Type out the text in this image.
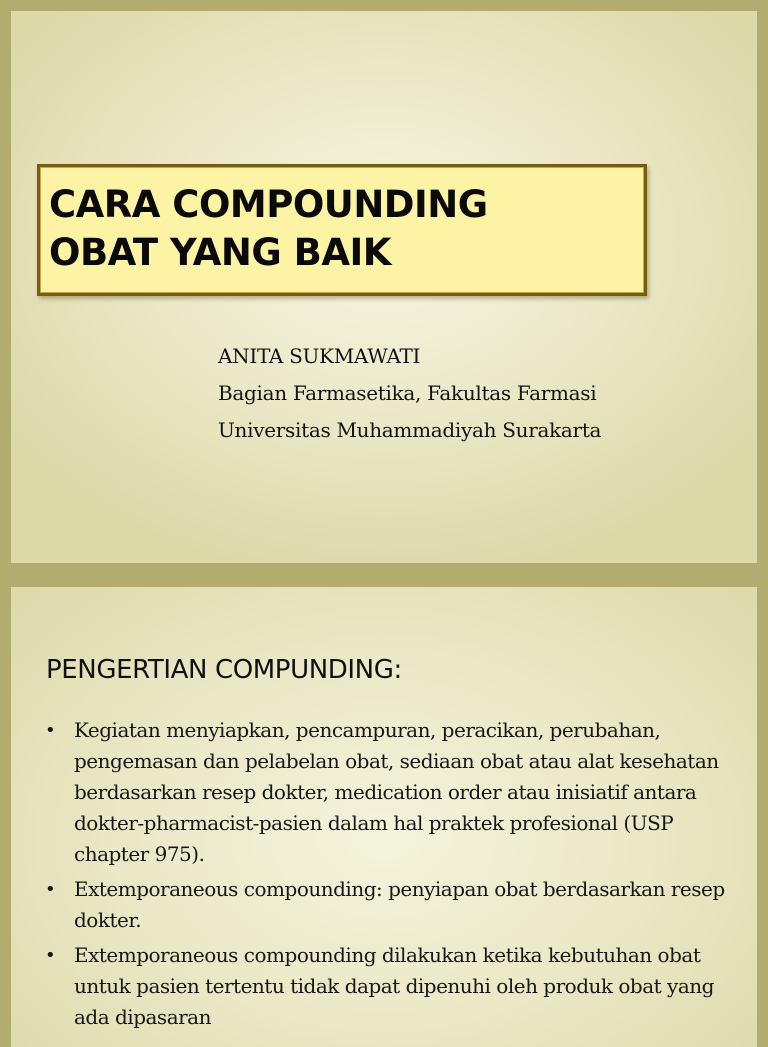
CARA COMPOUNDING
OBAT YANG BAIK
ANITA SUKMAWATI
Bagian Farmasetika, Fakultas Farmasi
Universitas Muhammadiyah Surakarta
PENGERTIAN COMPUNDING:
• Kegiatan menyiapkan, pencampuran, peracikan, perubahan, pengemasan dan pelabelan obat, sediaan obat atau alat kesehatan berdasarkan resep dokter, medication order atau inisiatif antara dokter-pharmacist-pasien dalam hal praktek profesional (USP chapter 975).
• Extemporaneous compounding: penyiapan obat berdasarkan resep dokter.
• Extemporaneous compounding dilakukan ketika kebutuhan obat untuk pasien tertentu tidak dapat dipenuhi oleh produk obat yang ada dipasaran
